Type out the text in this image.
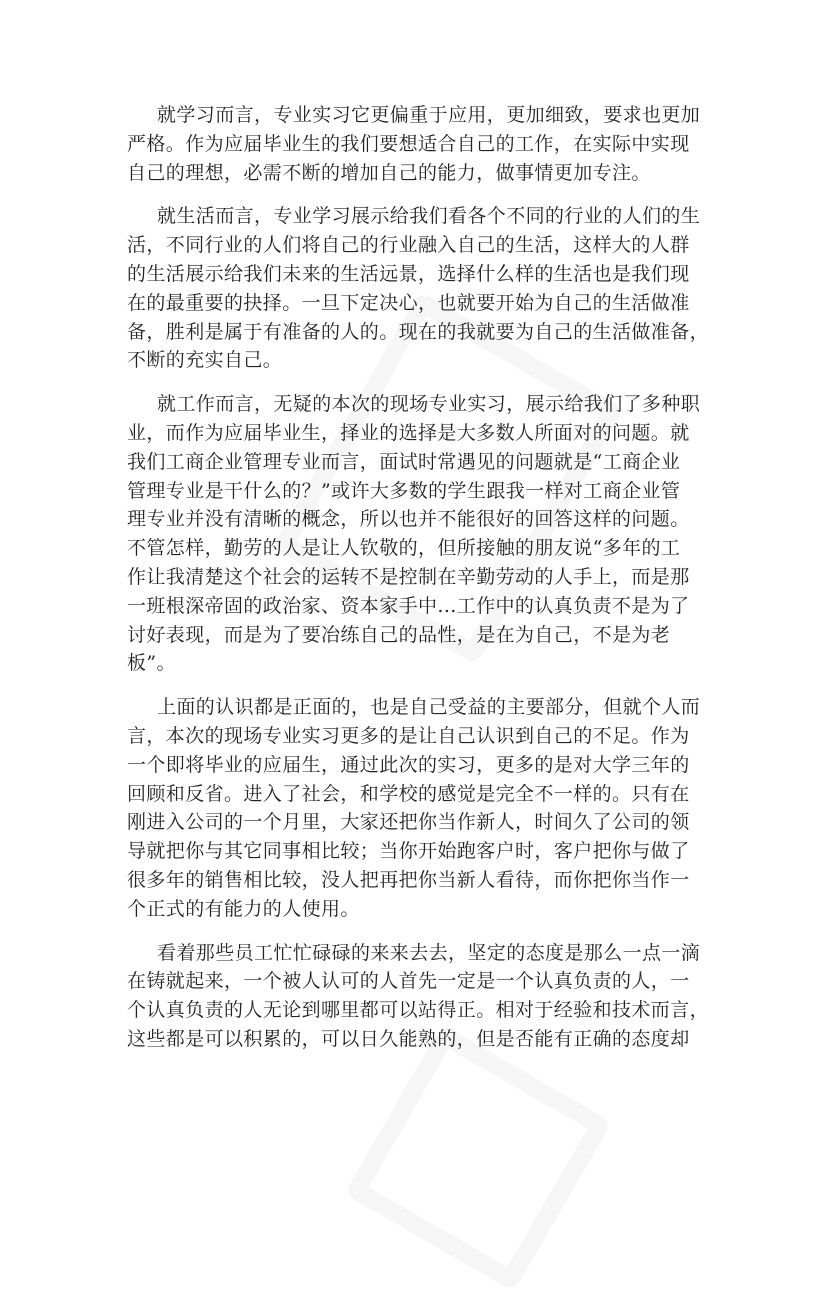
就学习而言，专业实习它更偏重于应用，更加细致，要求也更加
严格。作为应届毕业生的我们要想适合自己的工作，在实际中实现
自己的理想，必需不断的增加自己的能力，做事情更加专注。
就生活而言，专业学习展示给我们看各个不同的行业的人们的生
活，不同行业的人们将自己的行业融入自己的生活，这样大的人群
的生活展示给我们未来的生活远景，选择什么样的生活也是我们现
在的最重要的抉择。一旦下定决心，也就要开始为自己的生活做准
备，胜利是属于有准备的人的。现在的我就要为自己的生活做准备，
不断的充实自己。
就工作而言，无疑的本次的现场专业实习，展示给我们了多种职
业，而作为应届毕业生，择业的选择是大多数人所面对的问题。就
我们工商企业管理专业而言，面试时常遇见的问题就是“工商企业
管理专业是干什么的？”或许大多数的学生跟我一样对工商企业管
理专业并没有清晰的概念，所以也并不能很好的回答这样的问题。
不管怎样，勤劳的人是让人钦敬的，但所接触的朋友说“多年的工
作让我清楚这个社会的运转不是控制在辛勤劳动的人手上，而是那
一班根深帝固的政治家、资本家手中...工作中的认真负责不是为了
讨好表现，而是为了要冶练自己的品性，是在为自己，不是为老
板”。
上面的认识都是正面的，也是自己受益的主要部分，但就个人而
言，本次的现场专业实习更多的是让自己认识到自己的不足。作为
一个即将毕业的应届生，通过此次的实习，更多的是对大学三年的
回顾和反省。进入了社会，和学校的感觉是完全不一样的。只有在
刚进入公司的一个月里，大家还把你当作新人，时间久了公司的领
导就把你与其它同事相比较；当你开始跑客户时，客户把你与做了
很多年的销售相比较，没人把再把你当新人看待，而你把你当作一
个正式的有能力的人使用。
看着那些员工忙忙碌碌的来来去去，坚定的态度是那么一点一滴
在铸就起来，一个被人认可的人首先一定是一个认真负责的人，一
个认真负责的人无论到哪里都可以站得正。相对于经验和技术而言，
这些都是可以积累的，可以日久能熟的，但是否能有正确的态度却
